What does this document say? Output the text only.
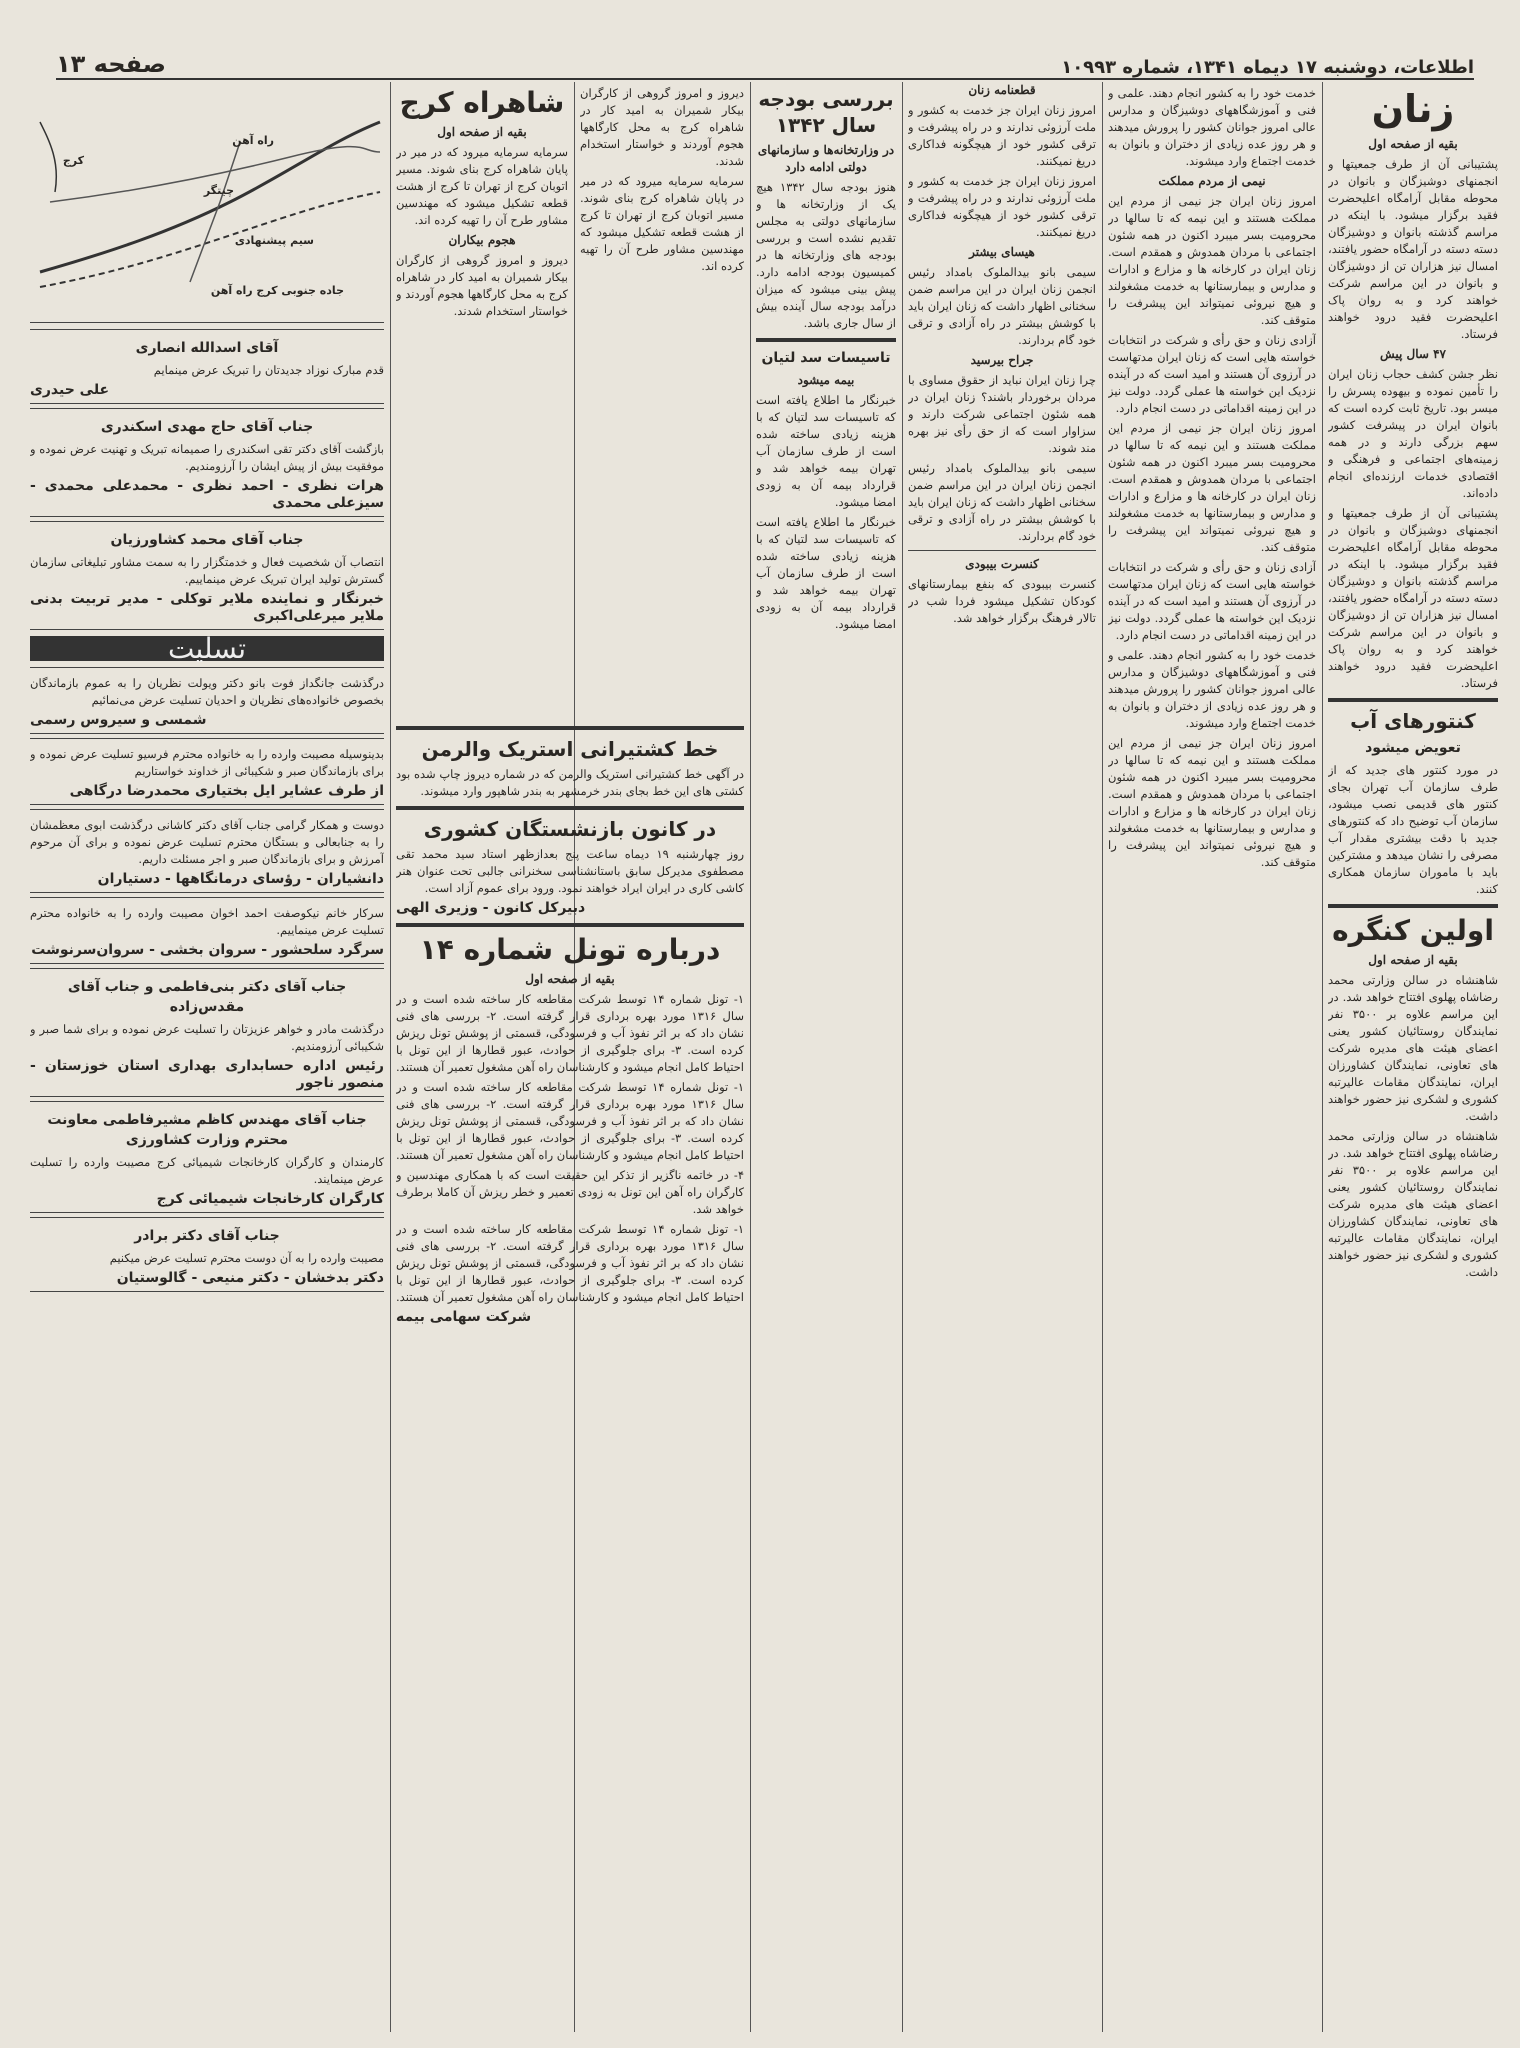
اطلاعات، دوشنبه ۱۷ دیماه ۱۳۴۱، شماره ۱۰۹۹۳
صفحه ۱۳
زنان
بقیه از صفحه اول

پشتیبانی آن از طرف جمعیتها و انجمنهای دوشیزگان و بانوان در محوطه مقابل آرامگاه اعلیحضرت فقید برگزار میشود. با اینکه در مراسم گذشته بانوان و دوشیزگان دسته دسته در آرامگاه حضور یافتند، امسال نیز هزاران تن از دوشیزگان و بانوان در این مراسم شرکت خواهند کرد و به روان پاک اعلیحضرت فقید درود خواهند فرستاد.

۴۷ سال پیش

نظر جشن کشف حجاب زنان ایران را تأمین نموده و بیهوده پسرش را میسر بود. تاریخ ثابت کرده است که بانوان ایران در پیشرفت کشور سهم بزرگی دارند و در همه زمینه‌های اجتماعی و فرهنگی و اقتصادی خدمات ارزنده‌ای انجام داده‌اند.

پشتیبانی آن از طرف جمعیتها و انجمنهای دوشیزگان و بانوان در محوطه مقابل آرامگاه اعلیحضرت فقید برگزار میشود. با اینکه در مراسم گذشته بانوان و دوشیزگان دسته دسته در آرامگاه حضور یافتند، امسال نیز هزاران تن از دوشیزگان و بانوان در این مراسم شرکت خواهند کرد و به روان پاک اعلیحضرت فقید درود خواهند فرستاد.

کنتورهای آب
تعویض میشود

در مورد کنتور های جدید که از طرف سازمان آب تهران بجای کنتور های قدیمی نصب میشود، سازمان آب توضیح داد که کنتورهای جدید با دقت بیشتری مقدار آب مصرفی را نشان میدهد و مشترکین باید با ماموران سازمان همکاری کنند.

اولین کنگره
بقیه از صفحه اول

شاهنشاه در سالن وزارتی محمد رضاشاه پهلوی افتتاح خواهد شد. در این مراسم علاوه بر ۳۵۰۰ نفر نمایندگان روستائیان کشور یعنی اعضای هیئت های مدیره شرکت های تعاونی، نمایندگان کشاورزان ایران، نمایندگان مقامات عالیرتبه کشوری و لشکری نیز حضور خواهند داشت.

شاهنشاه در سالن وزارتی محمد رضاشاه پهلوی افتتاح خواهد شد. در این مراسم علاوه بر ۳۵۰۰ نفر نمایندگان روستائیان کشور یعنی اعضای هیئت های مدیره شرکت های تعاونی، نمایندگان کشاورزان ایران، نمایندگان مقامات عالیرتبه کشوری و لشکری نیز حضور خواهند داشت.

خدمت خود را به کشور انجام دهند. علمی و فنی و آموزشگاههای دوشیزگان و مدارس عالی امروز جوانان کشور را پرورش میدهند و هر روز عده زیادی از دختران و بانوان به خدمت اجتماع وارد میشوند.

نیمی از مردم مملکت

امروز زنان ایران جز نیمی از مردم این مملکت هستند و این نیمه که تا سالها در محرومیت بسر میبرد اکنون در همه شئون اجتماعی با مردان همدوش و همقدم است. زنان ایران در کارخانه ها و مزارع و ادارات و مدارس و بیمارستانها به خدمت مشغولند و هیچ نیروئی نمیتواند این پیشرفت را متوقف کند.

آزادی زنان و حق رأی و شرکت در انتخابات خواسته هایی است که زنان ایران مدتهاست در آرزوی آن هستند و امید است که در آینده نزدیک این خواسته ها عملی گردد. دولت نیز در این زمینه اقداماتی در دست انجام دارد.

امروز زنان ایران جز نیمی از مردم این مملکت هستند و این نیمه که تا سالها در محرومیت بسر میبرد اکنون در همه شئون اجتماعی با مردان همدوش و همقدم است. زنان ایران در کارخانه ها و مزارع و ادارات و مدارس و بیمارستانها به خدمت مشغولند و هیچ نیروئی نمیتواند این پیشرفت را متوقف کند.

آزادی زنان و حق رأی و شرکت در انتخابات خواسته هایی است که زنان ایران مدتهاست در آرزوی آن هستند و امید است که در آینده نزدیک این خواسته ها عملی گردد. دولت نیز در این زمینه اقداماتی در دست انجام دارد.

خدمت خود را به کشور انجام دهند. علمی و فنی و آموزشگاههای دوشیزگان و مدارس عالی امروز جوانان کشور را پرورش میدهند و هر روز عده زیادی از دختران و بانوان به خدمت اجتماع وارد میشوند.

امروز زنان ایران جز نیمی از مردم این مملکت هستند و این نیمه که تا سالها در محرومیت بسر میبرد اکنون در همه شئون اجتماعی با مردان همدوش و همقدم است. زنان ایران در کارخانه ها و مزارع و ادارات و مدارس و بیمارستانها به خدمت مشغولند و هیچ نیروئی نمیتواند این پیشرفت را متوقف کند.

قطعنامه زنان

امروز زنان ایران جز خدمت به کشور و ملت آرزوئی ندارند و در راه پیشرفت و ترقی کشور خود از هیچگونه فداکاری دریغ نمیکنند.

امروز زنان ایران جز خدمت به کشور و ملت آرزوئی ندارند و در راه پیشرفت و ترقی کشور خود از هیچگونه فداکاری دریغ نمیکنند.

هیسای بیشتر

سیمی بانو بیدالملوک بامداد رئیس انجمن زنان ایران در این مراسم ضمن سخنانی اظهار داشت که زنان ایران باید با کوشش بیشتر در راه آزادی و ترقی خود گام بردارند.

جراح بیرسید

چرا زنان ایران نباید از حقوق مساوی با مردان برخوردار باشند؟ زنان ایران در همه شئون اجتماعی شرکت دارند و سزاوار است که از حق رأی نیز بهره مند شوند.

سیمی بانو بیدالملوک بامداد رئیس انجمن زنان ایران در این مراسم ضمن سخنانی اظهار داشت که زنان ایران باید با کوشش بیشتر در راه آزادی و ترقی خود گام بردارند.

کنسرت بیبودی

کنسرت بیبودی که بنفع بیمارستانهای کودکان تشکیل میشود فردا شب در تالار فرهنگ برگزار خواهد شد.

بررسی بودجه سال ۱۳۴۲
در وزارتخانه‌ها و سازمانهای دولتی ادامه دارد

هنوز بودجه سال ۱۳۴۲ هیچ یک از وزارتخانه ها و سازمانهای دولتی به مجلس تقدیم نشده است و بررسی بودجه های وزارتخانه ها در کمیسیون بودجه ادامه دارد. پیش بینی میشود که میزان درآمد بودجه سال آینده بیش از سال جاری باشد.

تاسیسات سد لتیان
بیمه میشود

خبرنگار ما اطلاع یافته است که تاسیسات سد لتیان که با هزینه زیادی ساخته شده است از طرف سازمان آب تهران بیمه خواهد شد و قرارداد بیمه آن به زودی امضا میشود.

خبرنگار ما اطلاع یافته است که تاسیسات سد لتیان که با هزینه زیادی ساخته شده است از طرف سازمان آب تهران بیمه خواهد شد و قرارداد بیمه آن به زودی امضا میشود.

شاهراه کرج
بقیه از صفحه اول

سرمایه سرمایه میرود که در میر در پایان شاهراه کرج بنای شوند. مسیر اتوبان کرج از تهران تا کرج از هشت قطعه تشکیل میشود که مهندسین مشاور طرح آن را تهیه کرده اند.

هجوم بیکاران

دیروز و امروز گروهی از کارگران بیکار شمیران به امید کار در شاهراه کرج به محل کارگاهها هجوم آوردند و خواستار استخدام شدند.

دیروز و امروز گروهی از کارگران بیکار شمیران به امید کار در شاهراه کرج به محل کارگاهها هجوم آوردند و خواستار استخدام شدند.

سرمایه سرمایه میرود که در میر در پایان شاهراه کرج بنای شوند. مسیر اتوبان کرج از تهران تا کرج از هشت قطعه تشکیل میشود که مهندسین مشاور طرح آن را تهیه کرده اند.

خط کشتیرانی استریک والرمن

در آگهی خط کشتیرانی استریک والرمن که در شماره دیروز چاپ شده بود کشتی های این خط بجای بندر خرمشهر به بندر شاهپور وارد میشوند.

در کانون بازنشستگان کشوری

روز چهارشنبه ۱۹ دیماه ساعت پنج بعدازظهر استاد سید محمد تقی مصطفوی مدیرکل سابق باستانشناسی سخنرانی جالبی تحت عنوان هنر کاشی کاری در ایران ایراد خواهند نمود. ورود برای عموم آزاد است.

دبیرکل کانون - وزیری الهی
درباره تونل شماره ۱۴
بقیه از صفحه اول

۱- تونل شماره ۱۴ توسط شرکت مقاطعه کار ساخته شده است و در سال ۱۳۱۶ مورد بهره برداری قرار گرفته است. ۲- بررسی های فنی نشان داد که بر اثر نفوذ آب و فرسودگی، قسمتی از پوشش تونل ریزش کرده است. ۳- برای جلوگیری از حوادث، عبور قطارها از این تونل با احتیاط کامل انجام میشود و کارشناسان راه آهن مشغول تعمیر آن هستند.

۱- تونل شماره ۱۴ توسط شرکت مقاطعه کار ساخته شده است و در سال ۱۳۱۶ مورد بهره برداری قرار گرفته است. ۲- بررسی های فنی نشان داد که بر اثر نفوذ آب و فرسودگی، قسمتی از پوشش تونل ریزش کرده است. ۳- برای جلوگیری از حوادث، عبور قطارها از این تونل با احتیاط کامل انجام میشود و کارشناسان راه آهن مشغول تعمیر آن هستند.

۴- در خاتمه ناگزیر از تذکر این حقیقت است که با همکاری مهندسین و کارگران راه آهن این تونل به زودی تعمیر و خطر ریزش آن کاملا برطرف خواهد شد.

۱- تونل شماره ۱۴ توسط شرکت مقاطعه کار ساخته شده است و در سال ۱۳۱۶ مورد بهره برداری قرار گرفته است. ۲- بررسی های فنی نشان داد که بر اثر نفوذ آب و فرسودگی، قسمتی از پوشش تونل ریزش کرده است. ۳- برای جلوگیری از حوادث، عبور قطارها از این تونل با احتیاط کامل انجام میشود و کارشناسان راه آهن مشغول تعمیر آن هستند.

شرکت سهامی بیمه
جاده جنوبی کرج راه آهن
سیم پیشنهادی
راه آهن
چیتگر
کرج
آقای اسدالله انصاری

قدم مبارک نوزاد جدیدتان را تبریک عرض مینمایم

علی حیدری
جناب آقای حاج مهدی اسکندری

بازگشت آقای دکتر تقی اسکندری را صمیمانه تبریک و تهنیت عرض نموده و موفقیت بیش از پیش ایشان را آرزومندیم.

هرات نظری - احمد نظری - محمدعلی محمدی - سیزعلی محمدی
جناب آقای محمد کشاورزیان

انتصاب آن شخصیت فعال و خدمتگزار را به سمت مشاور تبلیغاتی سازمان گسترش تولید ایران تبریک عرض مینماییم.

خبرنگار و نماینده ملایر توکلی - مدیر تربیت بدنی ملایر میرعلی‌اکبری
تسلیت

درگذشت جانگداز فوت بانو دکتر ویولت نظریان را به عموم بازماندگان بخصوص خانواده‌های نظریان و احدیان تسلیت عرض می‌نمائیم

شمسی و سیروس رسمی

بدینوسیله مصیبت وارده را به خانواده محترم فرسیو تسلیت عرض نموده و برای بازماندگان صبر و شکیبائی از خداوند خواستاریم

از طرف عشایر ایل بختیاری محمدرضا درگاهی

دوست و همکار گرامی جناب آقای دکتر کاشانی درگذشت ابوی معظمشان را به جنابعالی و بستگان محترم تسلیت عرض نموده و برای آن مرحوم آمرزش و برای بازماندگان صبر و اجر مسئلت داریم.

دانشیاران - رؤسای درمانگاهها - دستیاران

سرکار خانم نیکوصفت احمد اخوان مصیبت وارده را به خانواده محترم تسلیت عرض مینماییم.

سرگرد سلحشور - سروان بخشی - سروان‌سرنوشت
جناب آقای دکتر بنی‌فاطمی و جناب آقای مقدس‌زاده

درگذشت مادر و خواهر عزیزتان را تسلیت عرض نموده و برای شما صبر و شکیبائی آرزومندیم.

رئیس اداره حسابداری بهداری استان خوزستان - منصور ناجور
جناب آقای مهندس کاظم مشیرفاطمی معاونت محترم وزارت کشاورزی

کارمندان و کارگران کارخانجات شیمیائی کرج مصیبت وارده را تسلیت عرض مینمایند.

کارگران کارخانجات شیمیائی کرج
جناب آقای دکتر برادر

مصیبت وارده را به آن دوست محترم تسلیت عرض میکنیم

دکتر بدخشان - دکتر منیعی - گالوستیان
